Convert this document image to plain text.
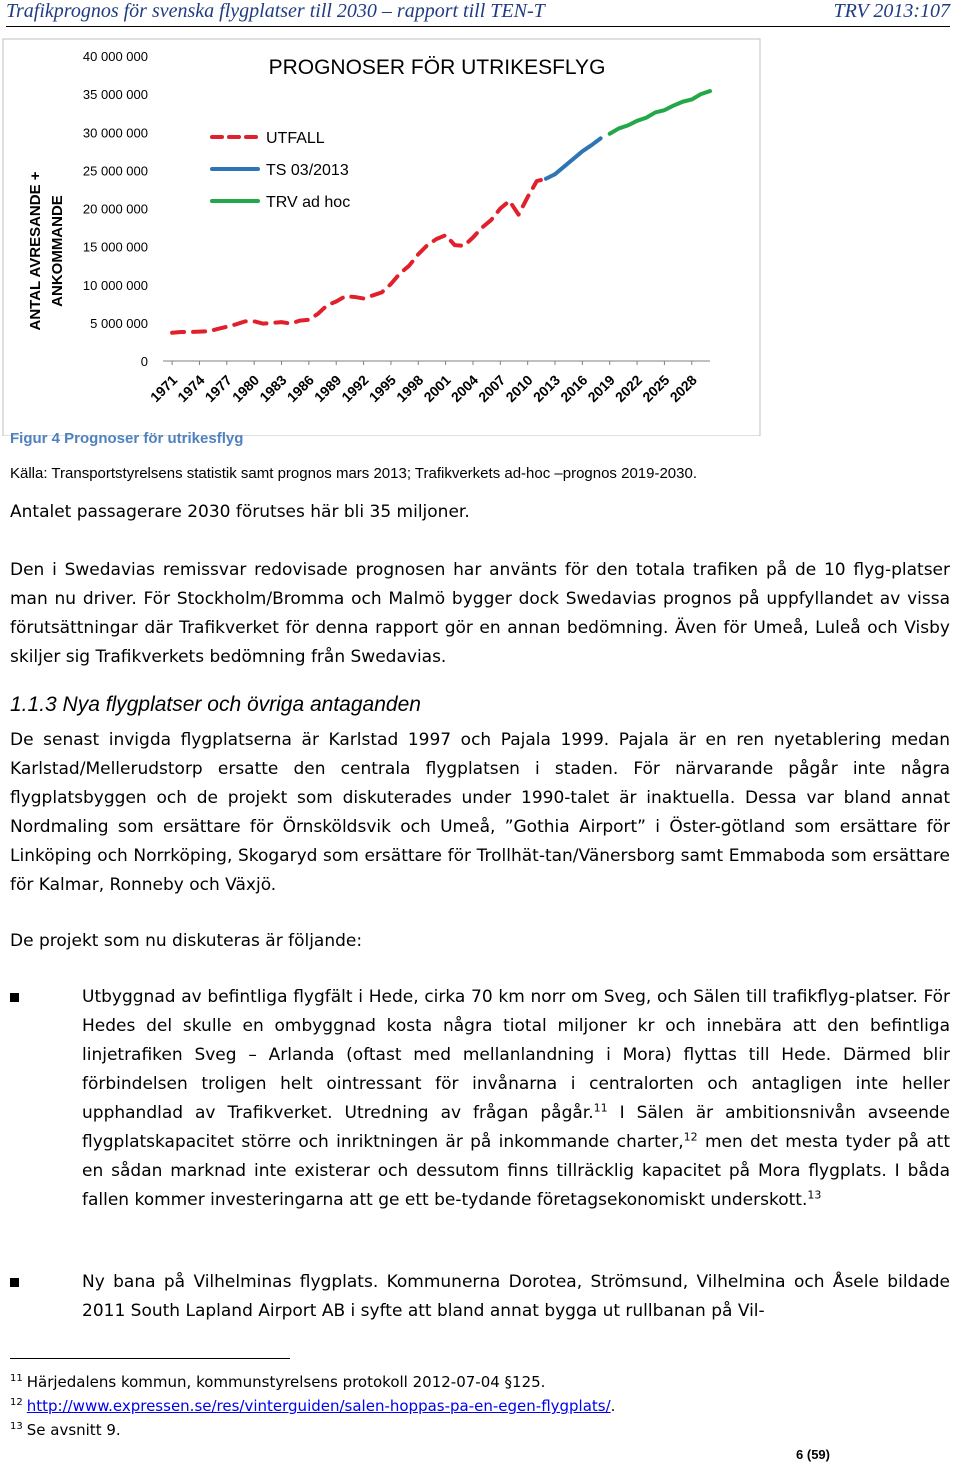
Trafikprognos för svenska flygplatser till 2030 – rapport till TEN-T	TRV 2013:107
0
5 000 000
10 000 000
15 000 000
20 000 000
25 000 000
30 000 000
35 000 000
40 000 000
1971
1974
1977
1980
1983
1986
1989
1992
1995
1998
2001
2004
2007
2010
2013
2016
2019
2022
2025
2028
ANTAL AVRESANDE + ANKOMMANDE
PROGNOSER FÖR UTRIKESFLYG
UTFALL
TS 03/2013
TRV ad hoc
Figur 4 Prognoser för utrikesflyg
Källa: Transportstyrelsens statistik samt prognos mars 2013; Trafikverkets ad-hoc –prognos 2019-2030.
Antalet passagerare 2030 förutses här bli 35 miljoner.
Den i Swedavias remissvar redovisade prognosen har använts för den totala trafiken på de 10 flyg-platser man nu driver. För Stockholm/Bromma och Malmö bygger dock Swedavias prognos på uppfyllandet av vissa förutsättningar där Trafikverket för denna rapport gör en annan bedömning. Även för Umeå, Luleå och Visby skiljer sig Trafikverkets bedömning från Swedavias.
1.1.3 Nya flygplatser och övriga antaganden
De senast invigda flygplatserna är Karlstad 1997 och Pajala 1999. Pajala är en ren nyetablering medan Karlstad/Mellerudstorp ersatte den centrala flygplatsen i staden. För närvarande pågår inte några flygplatsbyggen och de projekt som diskuterades under 1990-talet är inaktuella. Dessa var bland annat Nordmaling som ersättare för Örnsköldsvik och Umeå, ”Gothia Airport” i Öster-götland som ersättare för Linköping och Norrköping, Skogaryd som ersättare för Trollhät-tan/Vänersborg samt Emmaboda som ersättare för Kalmar, Ronneby och Växjö.
De projekt som nu diskuteras är följande:
Utbyggnad av befintliga flygfält i Hede, cirka 70 km norr om Sveg, och Sälen till trafikflyg-platser. För Hedes del skulle en ombyggnad kosta några tiotal miljoner kr och innebära att den befintliga linjetrafiken Sveg – Arlanda (oftast med mellanlandning i Mora) flyttas till Hede. Därmed blir förbindelsen troligen helt ointressant för invånarna i centralorten och antagligen inte heller upphandlad av Trafikverket. Utredning av frågan pågår.$^{11}$ I Sälen är ambitionsnivån avseende flygplatskapacitet större och inriktningen är på inkommande charter,$^{12}$ men det mesta tyder på att en sådan marknad inte existerar och dessutom finns tillräcklig kapacitet på Mora flygplats. I båda fallen kommer investeringarna att ge ett be-tydande företagsekonomiskt underskott.$^{13}$
Ny bana på Vilhelminas flygplats. Kommunerna Dorotea, Strömsund, Vilhelmina och Åsele bildade 2011 South Lapland Airport AB i syfte att bland annat bygga ut rullbanan på Vil-
$^{11}$ Härjedalens kommun, kommunstyrelsens protokoll 2012-07-04 §125.
$^{12}$ http://www.expressen.se/res/vinterguiden/salen-hoppas-pa-en-egen-flygplats/.
$^{13}$ Se avsnitt 9.
6 (59)
